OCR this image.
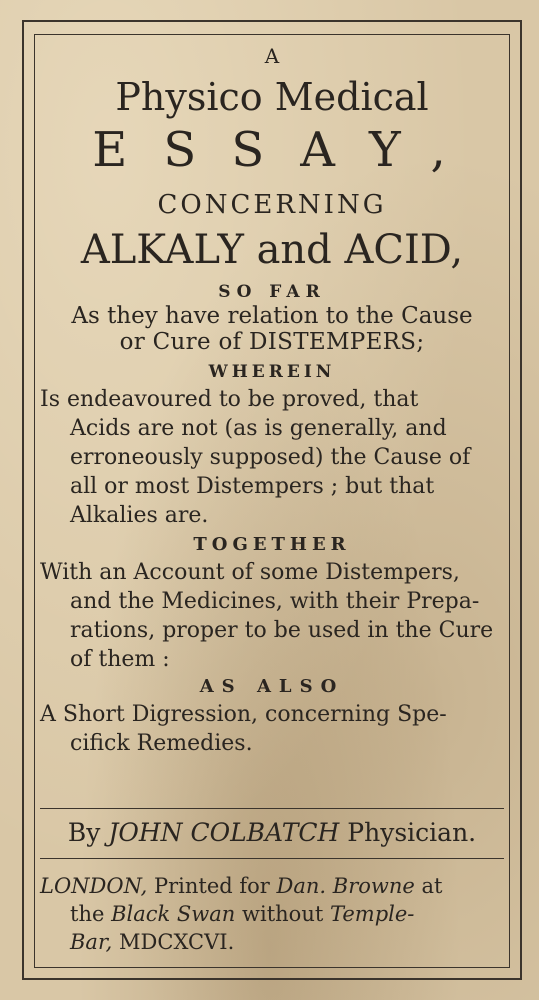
A
Physico Medical
ESSAY,
CONCERNING
ALKALY and ACID,
SO FAR
As they have relation to the Cause
or Cure of DISTEMPERS;
WHEREIN
Is endeavoured to be proved, that
Acids are not (as is generally, and
erroneously supposed) the Cause of
all or most Distempers ; but that
Alkalies are.
TOGETHER
With an Account of some Distempers,
and the Medicines, with their Prepa-
rations, proper to be used in the Cure
of them :
AS ALSO
A Short Digression, concerning Spe-
cifick Remedies.
By JOHN COLBATCH Physician.
LONDON, Printed for Dan. Browne at
the Black Swan without Temple-
Bar, MDCXCVI.
